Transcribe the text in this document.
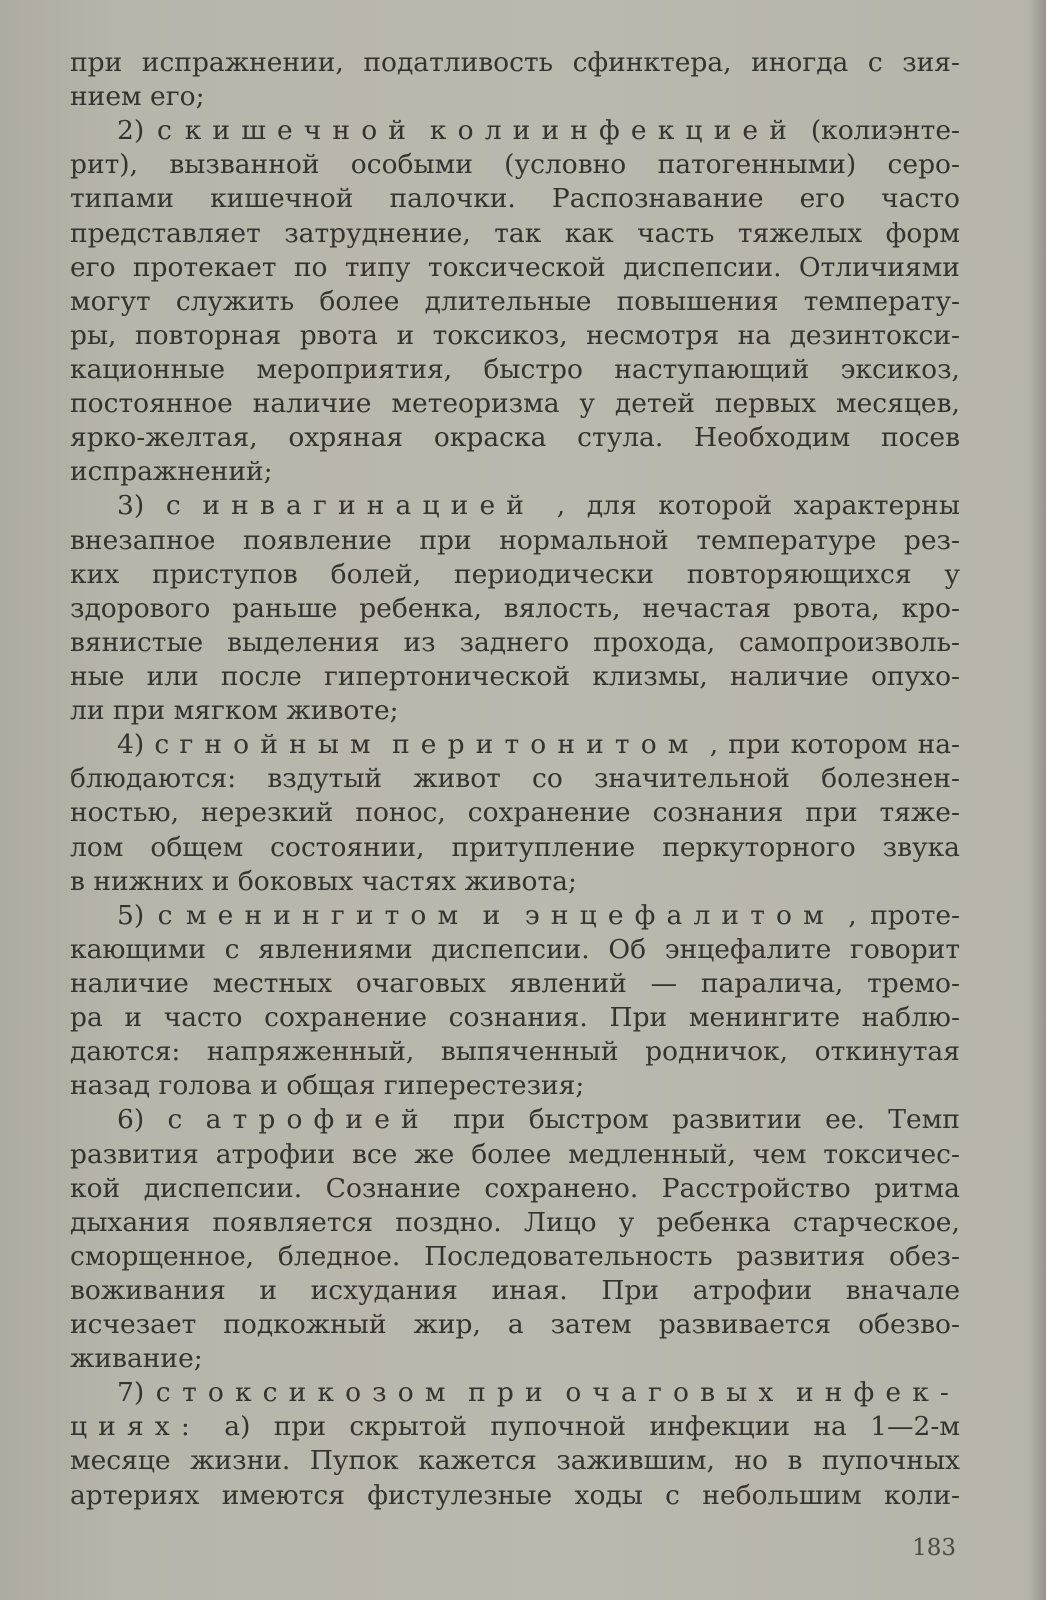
при испражнении, податливость сфинктера, иногда с зия-
нием его;
2) с кишечной колиинфекцией (колиэнте-
рит), вызванной особыми (условно патогенными) серо-
типами кишечной палочки. Распознавание его часто
представляет затруднение, так как часть тяжелых форм
его протекает по типу токсической диспепсии. Отличиями
могут служить более длительные повышения температу-
ры, повторная рвота и токсикоз, несмотря на дезинтокси-
кационные мероприятия, быстро наступающий эксикоз,
постоянное наличие метеоризма у детей первых месяцев,
ярко-желтая, охряная окраска стула. Необходим посев
испражнений;
3) с инвагинацией , для которой характерны
внезапное появление при нормальной температуре рез-
ких приступов болей, периодически повторяющихся у
здорового раньше ребенка, вялость, нечастая рвота, кро-
вянистые выделения из заднего прохода, самопроизволь-
ные или после гипертонической клизмы, наличие опухо-
ли при мягком животе;
4) с гнойным перитонитом , при котором на-
блюдаются: вздутый живот со значительной болезнен-
ностью, нерезкий понос, сохранение сознания при тяже-
лом общем состоянии, притупление перкуторного звука
в нижних и боковых частях живота;
5) с менингитом и энцефалитом , проте-
кающими с явлениями диспепсии. Об энцефалите говорит
наличие местных очаговых явлений — паралича, тремо-
ра и часто сохранение сознания. При менингите наблю-
даются: напряженный, выпяченный родничок, откинутая
назад голова и общая гиперестезия;
6) с атрофией при быстром развитии ее. Темп
развития атрофии все же более медленный, чем токсичес-
кой диспепсии. Сознание сохранено. Расстройство ритма
дыхания появляется поздно. Лицо у ребенка старческое,
сморщенное, бледное. Последовательность развития обез-
воживания и исхудания иная. При атрофии вначале
исчезает подкожный жир, а затем развивается обезво-
живание;
7) с токсикозом при очаговых инфек-
циях: а) при скрытой пупочной инфекции на 1—2-м
месяце жизни. Пупок кажется зажившим, но в пупочных
артериях имеются фистулезные ходы с небольшим коли-
183
